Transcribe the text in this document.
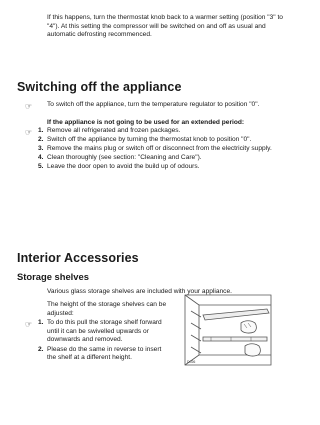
If this happens, turn the thermostat knob back to a warmer setting (position "3" to "4"). At this setting the compressor will be switched on and off as usual and automatic defrosting recommenced.

Switching off the appliance
☞ To switch off the appliance, turn the temperature regulator to position "0".

If the appliance is not going to be used for an extended period:

☞ 1. Remove all refrigerated and frozen packages.
2. Switch off the appliance by turning the thermostat knob to position "0".
3. Remove the mains plug or switch off or disconnect from the electricity supply.
4. Clean thoroughly (see section: "Cleaning and Care").
5. Leave the door open to avoid the build up of odours.
Interior Accessories
Storage shelves

Various glass storage shelves are included with your appliance.

The height of the storage shelves can be adjusted:

☞ 1. To do this pull the storage shelf forward until it can be swivelled upwards or downwards and removed.
2. Please do the same in reverse to insert the shelf at a different height.
D026
